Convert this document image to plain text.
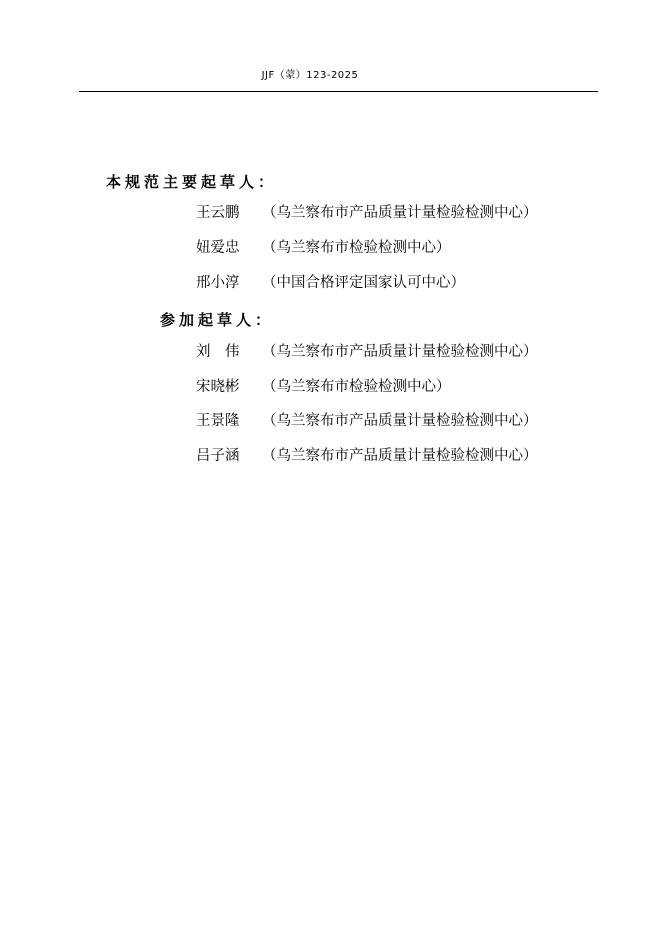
JJF（蒙）123-2025
本规范主要起草人：
王云鹏 （乌兰察布市产品质量计量检验检测中心）
妞爱忠 （乌兰察布市检验检测中心）
邢小淳 （中国合格评定国家认可中心）
参加起草人：
刘　伟 （乌兰察布市产品质量计量检验检测中心）
宋晓彬 （乌兰察布市检验检测中心）
王景隆 （乌兰察布市产品质量计量检验检测中心）
吕子涵 （乌兰察布市产品质量计量检验检测中心）
